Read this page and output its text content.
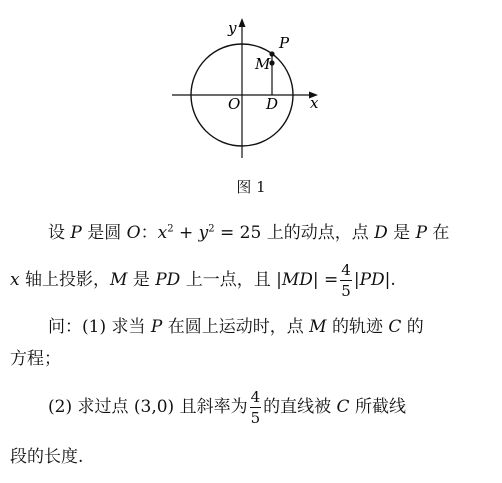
y
x
O
P
M
D
图 1
设 P 是圆 O：$x^2 + y^2 = 25$ 上的动点，点 D 是 P 在
x 轴上投影，M 是 PD 上一点，且 $|MD| = \frac{4}{5} |PD|$.
问：(1) 求当 P 在圆上运动时，点 M 的轨迹 C 的
方程；
(2) 求过点 (3,0) 且斜率为 $\frac{4}{5}$ 的直线被 C 所截线
段的长度.
